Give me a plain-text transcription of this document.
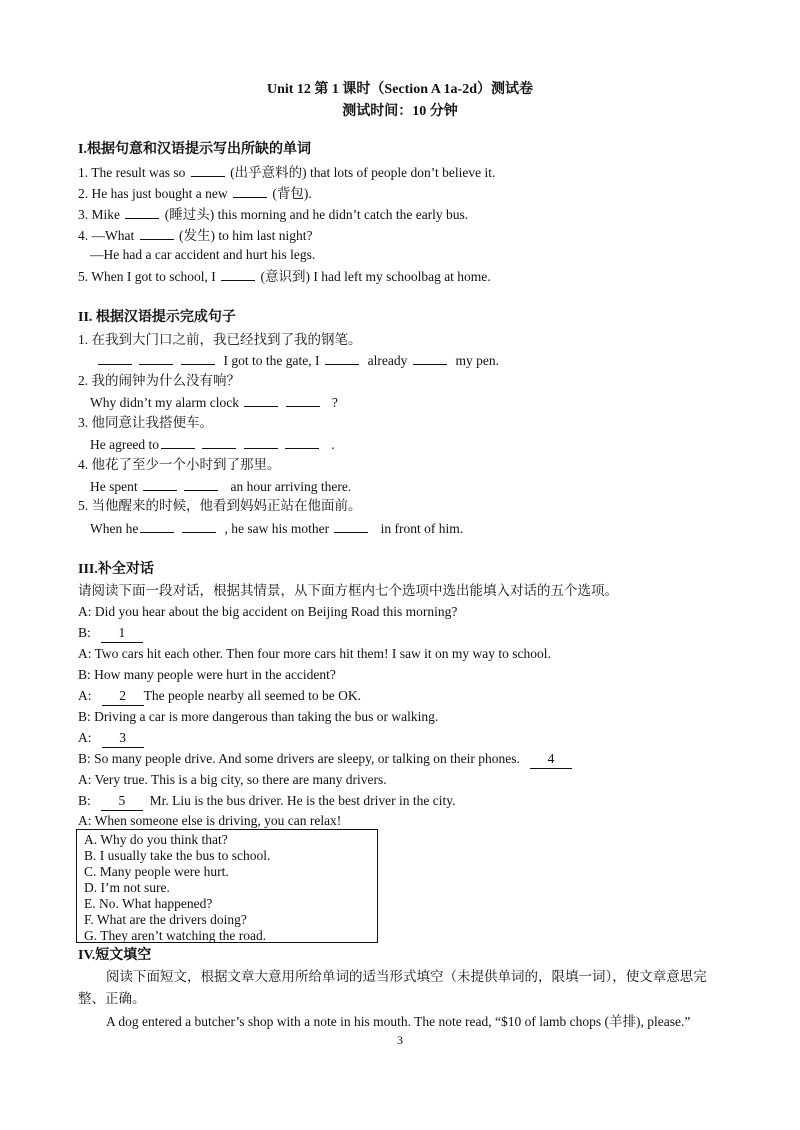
Unit 12 第 1 课时（Section A 1a-2d）测试卷
测试时间：10 分钟
I.根据句意和汉语提示写出所缺的单词
1. The result was so	(出乎意料的) that lots of people don’t believe it.
2. He has just bought a new	(背包).
3. Mike	(睡过头) this morning and he didn’t catch the early bus.
4. —What	(发生) to him last night?
—He had a car accident and hurt his legs.
5. When I got to school, I	(意识到) I had left my schoolbag at home.
II. 根据汉语提示完成句子
1. 在我到大门口之前，我已经找到了我的钢笔。
I got to the gate, I	already	my pen.
2. 我的闹钟为什么没有响？
Why didn’t my alarm clock	?
3. 他同意让我搭便车。
He agreed to	.
4. 他花了至少一个小时到了那里。
He spent	an hour arriving there.
5. 当他醒来的时候，他看到妈妈正站在他面前。
When he	, he saw his mother	in front of him.
III.补全对话
请阅读下面一段对话，根据其情景，从下面方框内七个选项中选出能填入对话的五个选项。
A: Did you hear about the big accident on Beijing Road this morning?
B: 1
A: Two cars hit each other. Then four more cars hit them! I saw it on my way to school.
B: How many people were hurt in the accident?
A: 2 The people nearby all seemed to be OK.
B: Driving a car is more dangerous than taking the bus or walking.
A: 3
B: So many people drive. And some drivers are sleepy, or talking on their phones. 4
A: Very true. This is a big city, so there are many drivers.
B: 5 Mr. Liu is the bus driver. He is the best driver in the city.
A: When someone else is driving, you can relax!
A. Why do you think that?
B. I usually take the bus to school.
C. Many people were hurt.
D. I’m not sure.
E. No. What happened?
F. What are the drivers doing?
G. They aren’t watching the road.
IV.短文填空
阅读下面短文，根据文章大意用所给单词的适当形式填空（未提供单词的，限填一词），使文章意思完整、正确。
A dog entered a butcher’s shop with a note in his mouth. The note read, “$10 of lamb chops (羊排), please.”
3
